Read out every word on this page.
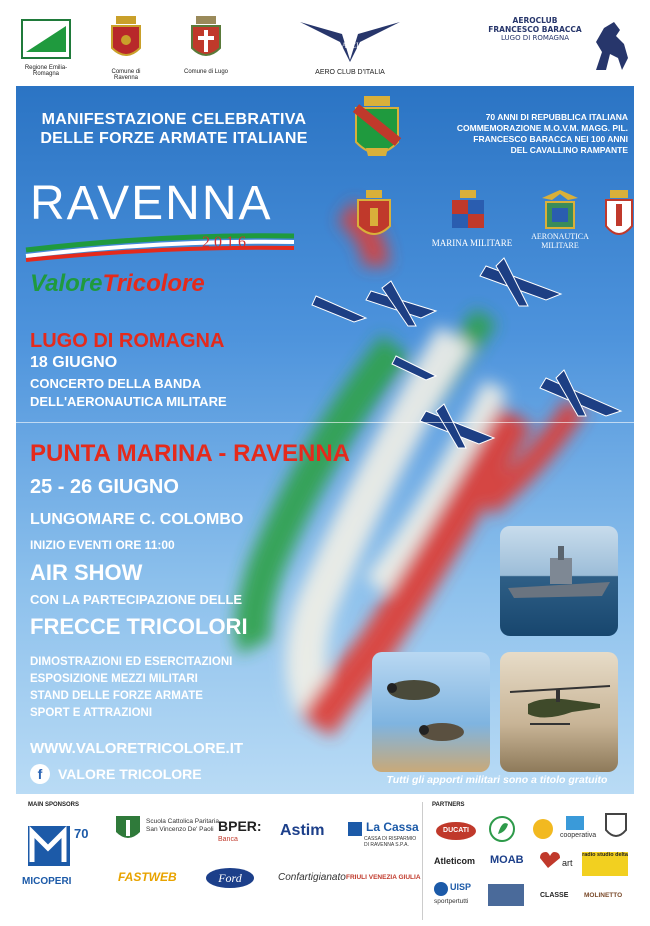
Regione Emilia-Romagna	Comune di Ravenna
Comune di Lugo
AeCI
AERO CLUB D'ITALIA
AEROCLUB
FRANCESCO BARACCA
LUGO DI ROMAGNA
MANIFESTAZIONE CELEBRATIVA
DELLE FORZE ARMATE ITALIANE
70 ANNI DI REPUBBLICA ITALIANA
COMMEMORAZIONE M.O.V.M. MAGG. PIL.
FRANCESCO BARACCA NEI 100 ANNI
DEL CAVALLINO RAMPANTE
MARINA MILITARE
AERONAUTICA
MILITARE
RAVENNA
2016
ValoreTricolore
LUGO DI ROMAGNA
18 GIUGNO
CONCERTO DELLA BANDA
DELL'AERONAUTICA MILITARE
PUNTA MARINA - RAVENNA
25 - 26 GIUGNO
LUNGOMARE C. COLOMBO
INIZIO EVENTI ORE 11:00
AIR SHOW
CON LA PARTECIPAZIONE DELLE
FRECCE TRICOLORI
DIMOSTRAZIONI ED ESERCITAZIONI
ESPOSIZIONE MEZZI MILITARI
STAND DELLE FORZE ARMATE
SPORT E ATTRAZIONI
WWW.VALORETRICOLORE.IT
f	VALORE TRICOLORE	Tutti gli apporti militari sono a titolo gratuito
MAIN SPONSORS	PARTNERS
70
MICOPERI
Scuola Cattolica Paritaria
San Vincenzo De' Paoli
FASTWEB
BPER:
Banca
Ford
Astim
Confartigianato
La Cassa
CASSA DI RISPARMIO DI RAVENNA S.P.A.
FRIULI VENEZIA GIULIA
DUCATI
cooperativa
Atleticom MOAB	art
radio studio delta
UISP
sportpertutti
CLASSE MOLINETTO
